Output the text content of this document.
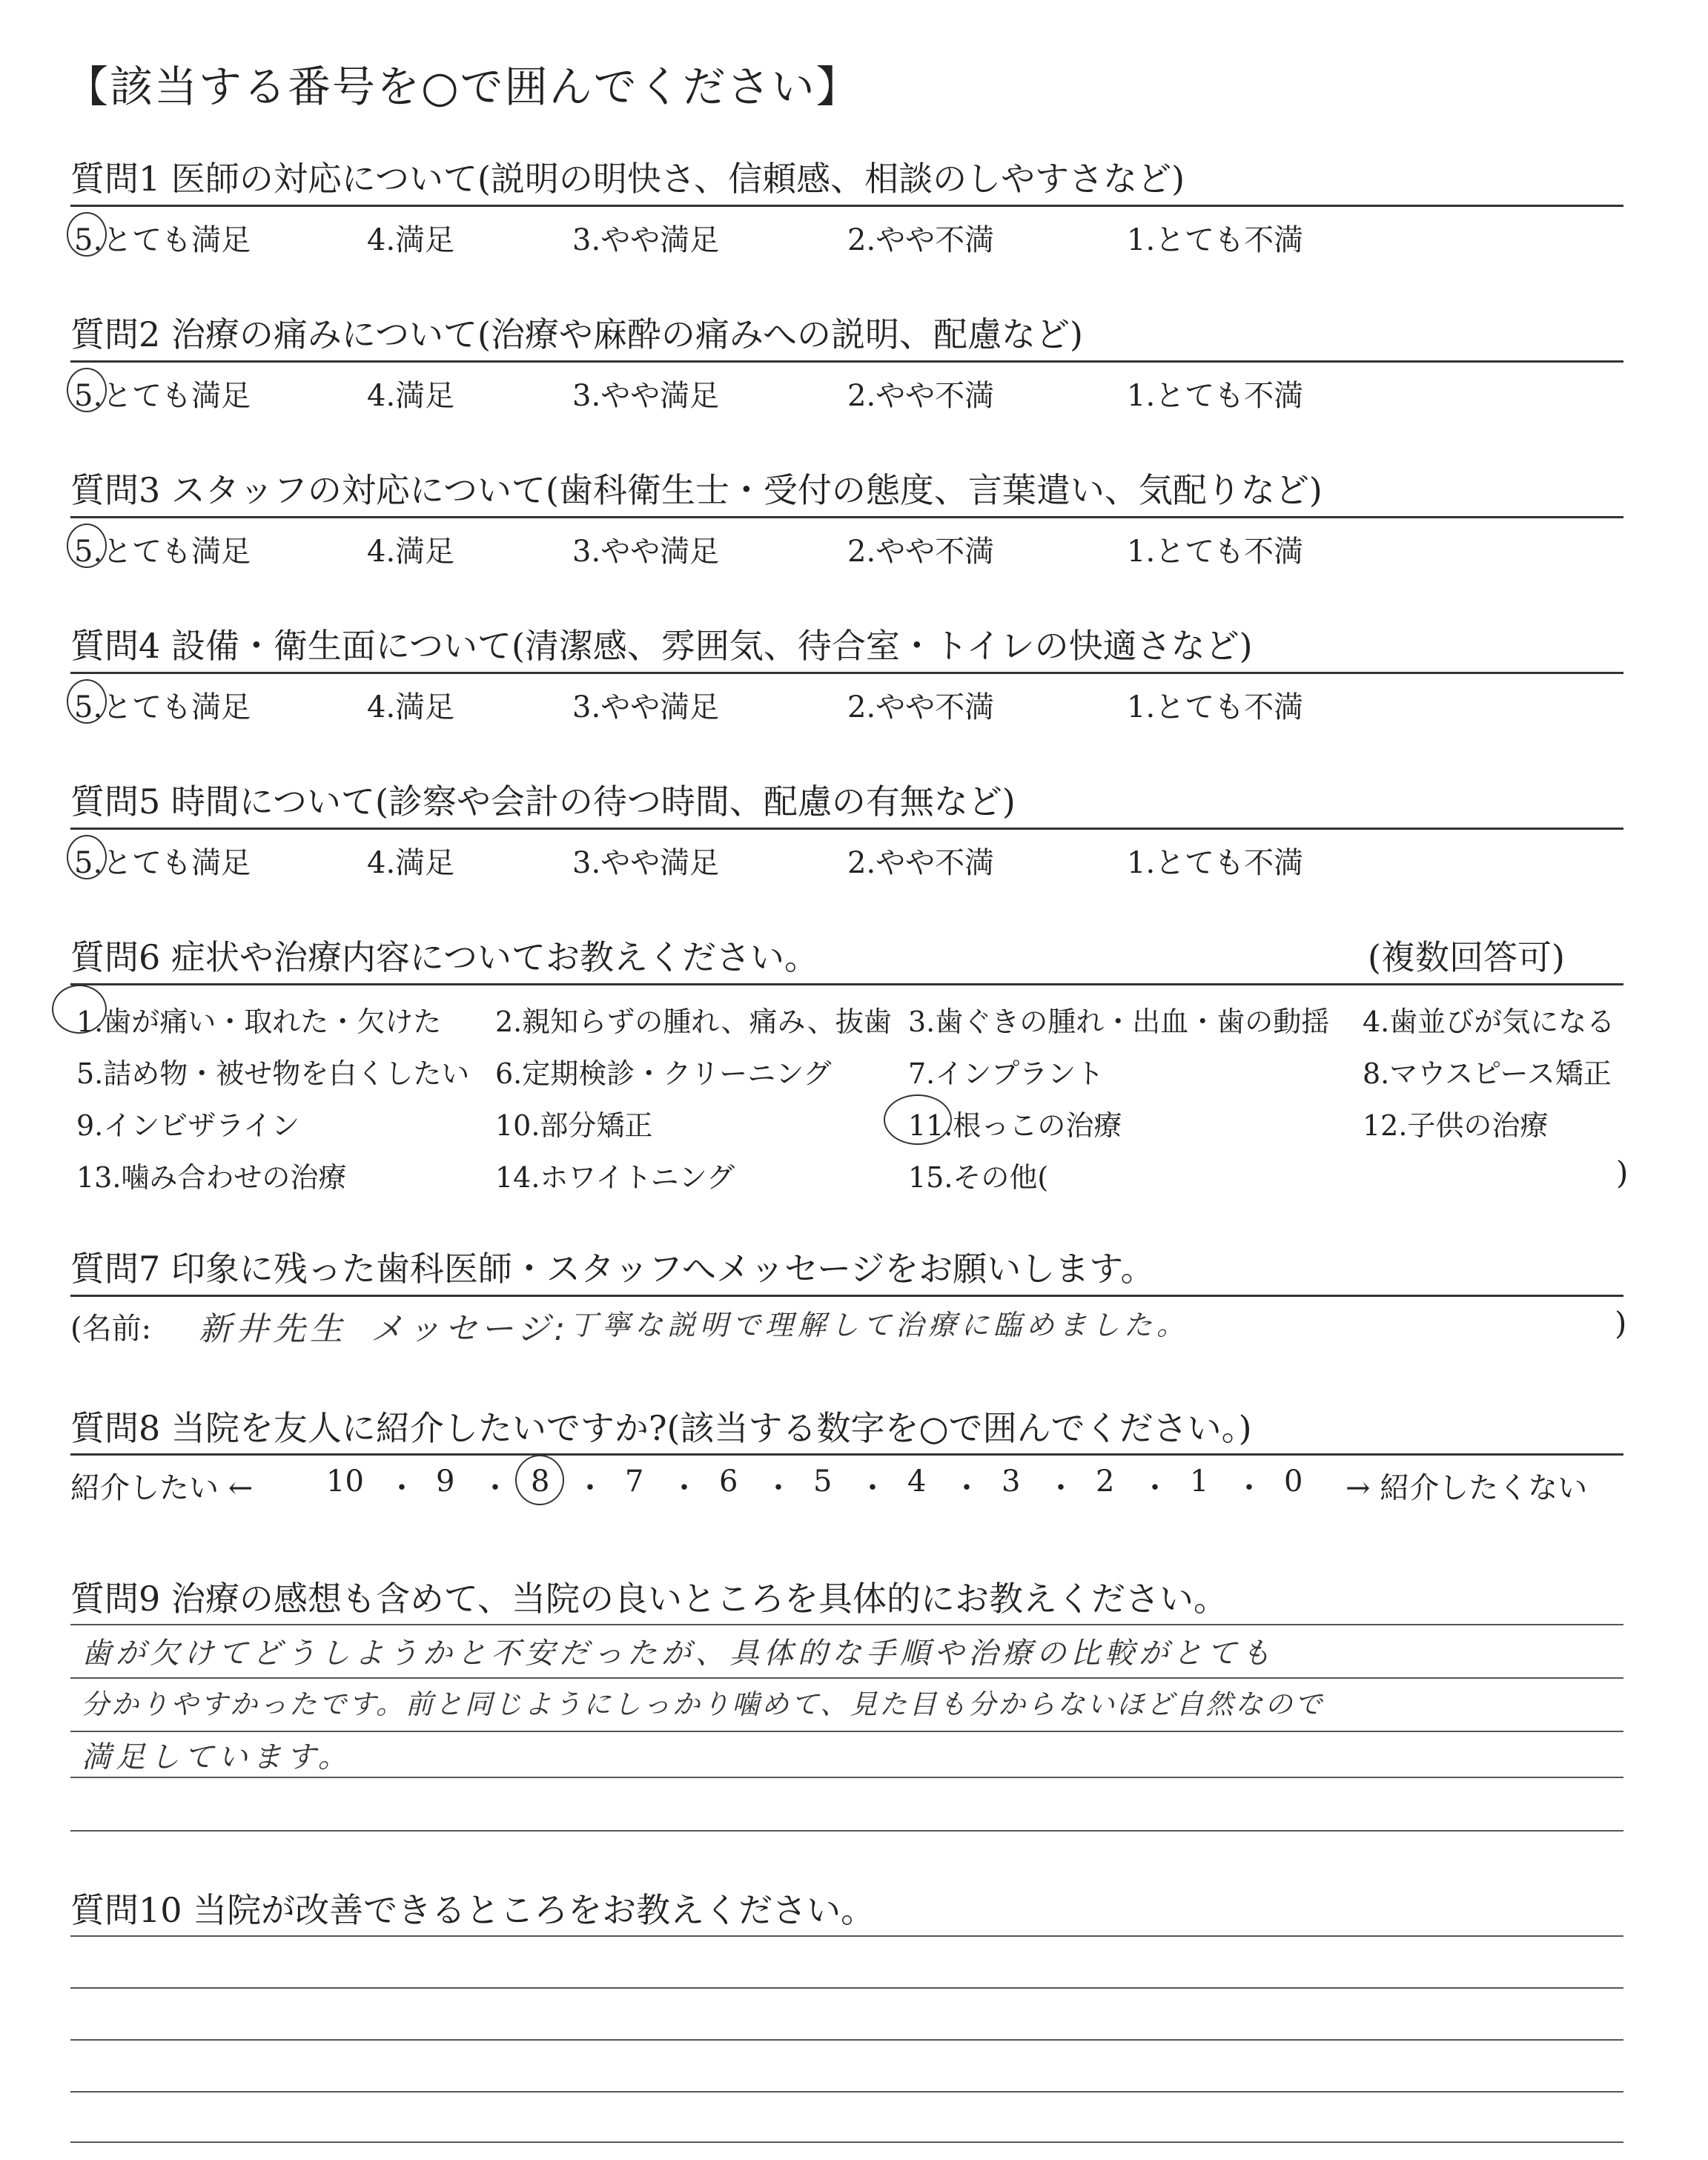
【該当する番号を○で囲んでください】
質問1 医師の対応について(説明の明快さ、信頼感、相談のしやすさなど)
5.とても満足	4.満足	3.やや満足	2.やや不満	1.とても不満
質問2 治療の痛みについて(治療や麻酔の痛みへの説明、配慮など)
5.とても満足	4.満足	3.やや満足	2.やや不満	1.とても不満
質問3 スタッフの対応について(歯科衛生士・受付の態度、言葉遣い、気配りなど)
5.とても満足	4.満足	3.やや満足	2.やや不満	1.とても不満
質問4 設備・衛生面について(清潔感、雰囲気、待合室・トイレの快適さなど)
5.とても満足	4.満足	3.やや満足	2.やや不満	1.とても不満
質問5 時間について(診察や会計の待つ時間、配慮の有無など)
5.とても満足	4.満足	3.やや満足	2.やや不満	1.とても不満
質問6 症状や治療内容についてお教えください。	(複数回答可)
1.歯が痛い・取れた・欠けた 2.親知らずの腫れ、痛み、抜歯 3.歯ぐきの腫れ・出血・歯の動揺 4.歯並びが気になる
5.詰め物・被せ物を白くしたい 6.定期検診・クリーニング	7.インプラント	8.マウスピース矯正
9.インビザライン	10.部分矯正	11.根っこの治療	12.子供の治療
13.噛み合わせの治療	14.ホワイトニング	15.その他(	)
質問7 印象に残った歯科医師・スタッフへメッセージをお願いします。
(名前: 新井先生 メッセージ: 丁寧な説明で理解して治療に臨めました。	)
質問8 当院を友人に紹介したいですか?(該当する数字を○で囲んでください。)
紹介したい ←	→ 紹介したくない
10 ・ 9 ・ 8 ・ 7 ・ 6 ・ 5 ・ 4 ・ 3 ・ 2 ・ 1 ・ 0
質問9 治療の感想も含めて、当院の良いところを具体的にお教えください。
歯が欠けてどうしようかと不安だったが、具体的な手順や治療の比較がとても
分かりやすかったです。前と同じようにしっかり噛めて、見た目も分からないほど自然なので
満足しています。
質問10 当院が改善できるところをお教えください。
